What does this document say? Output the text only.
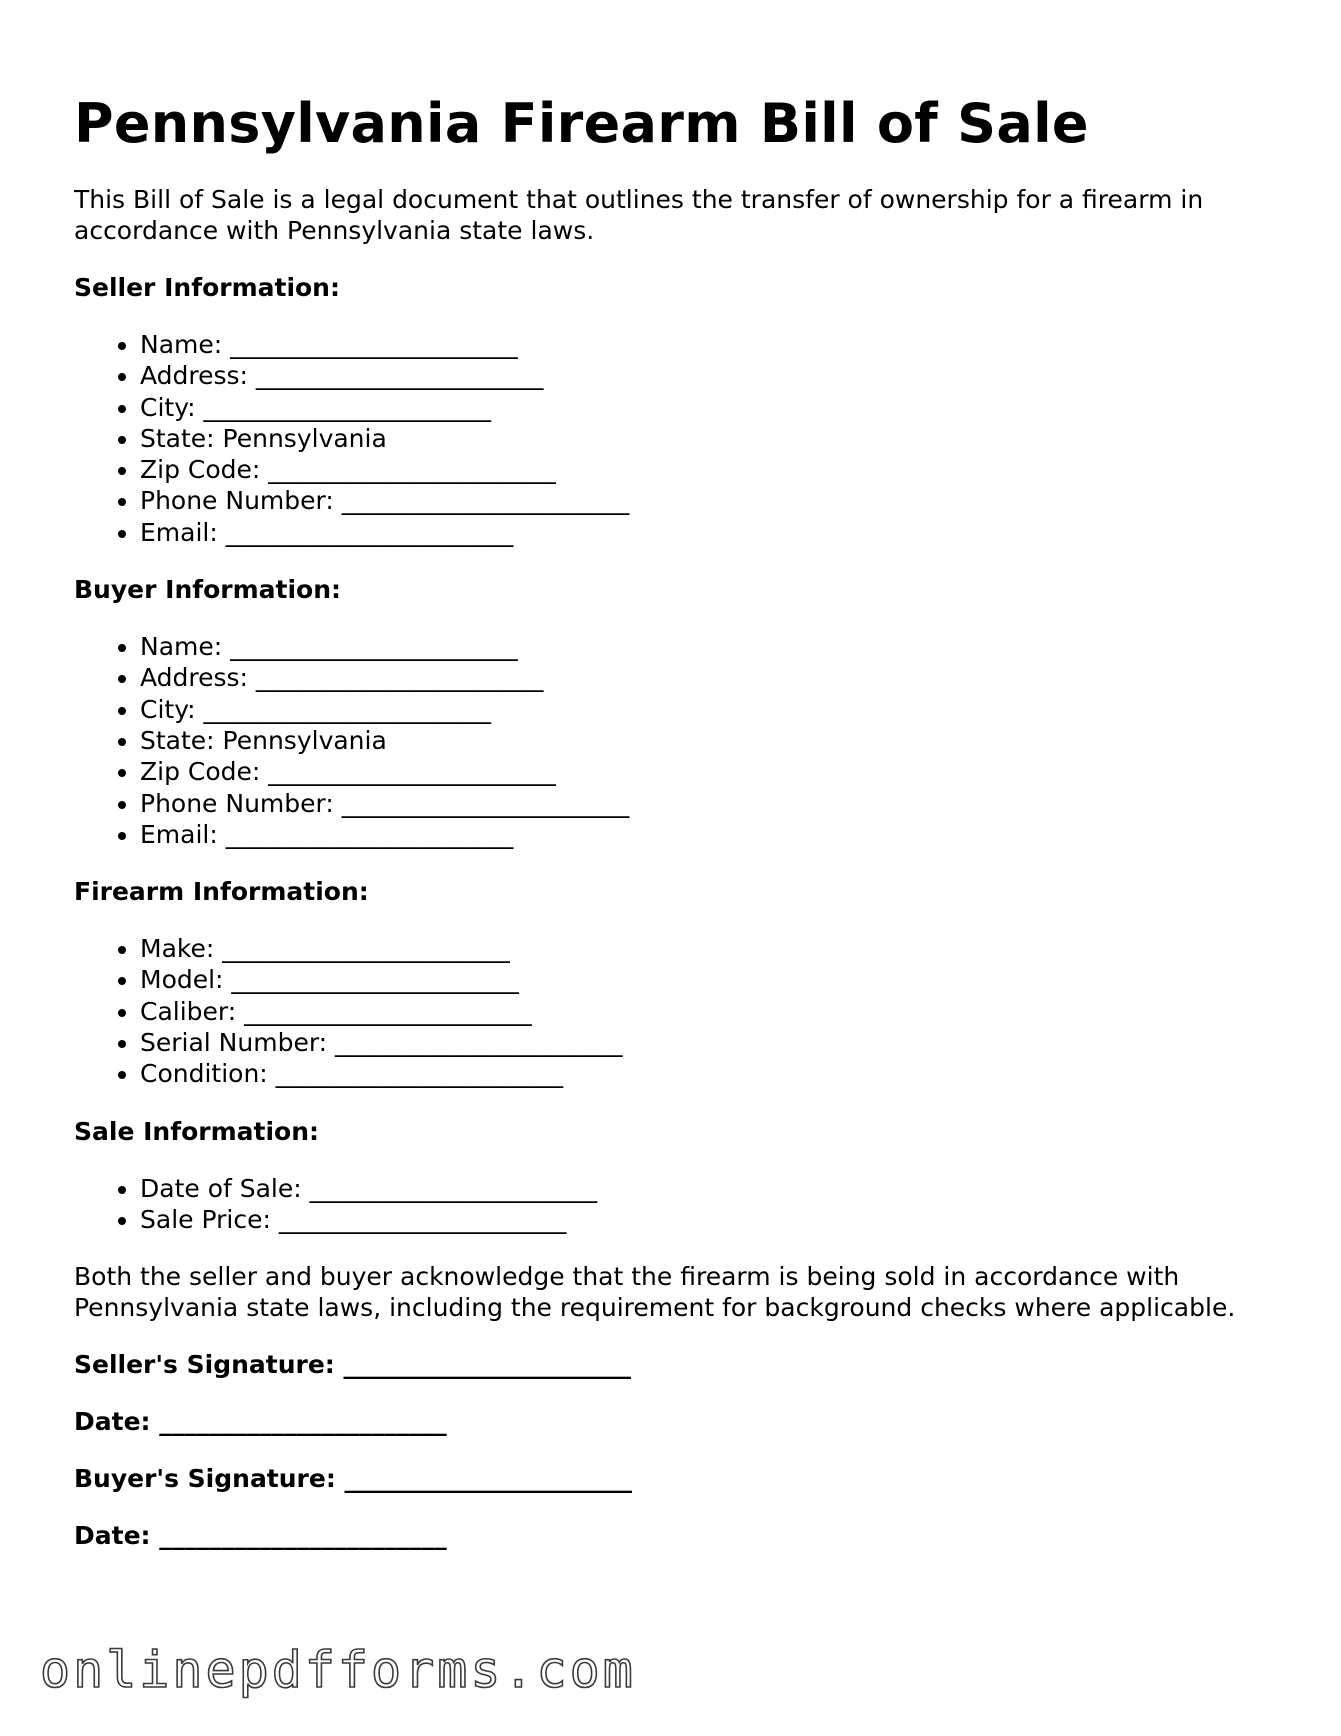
Pennsylvania Firearm Bill of Sale

This Bill of Sale is a legal document that outlines the transfer of ownership for a firearm in accordance with Pennsylvania state laws.

Seller Information:
• Name: _______________________
• Address: _______________________
• City: _______________________
• State: Pennsylvania
• Zip Code: _______________________
• Phone Number: _______________________
• Email: _______________________
Buyer Information:
• Name: _______________________
• Address: _______________________
• City: _______________________
• State: Pennsylvania
• Zip Code: _______________________
• Phone Number: _______________________
• Email: _______________________
Firearm Information:
• Make: _______________________
• Model: _______________________
• Caliber: _______________________
• Serial Number: _______________________
• Condition: _______________________
Sale Information:
• Date of Sale: _______________________
• Sale Price: _______________________

Both the seller and buyer acknowledge that the firearm is being sold in accordance with Pennsylvania state laws, including the requirement for background checks where applicable.

Seller's Signature: _______________________
Date: _______________________
Buyer's Signature: _______________________
Date: _______________________
onlinepdfforms.com
